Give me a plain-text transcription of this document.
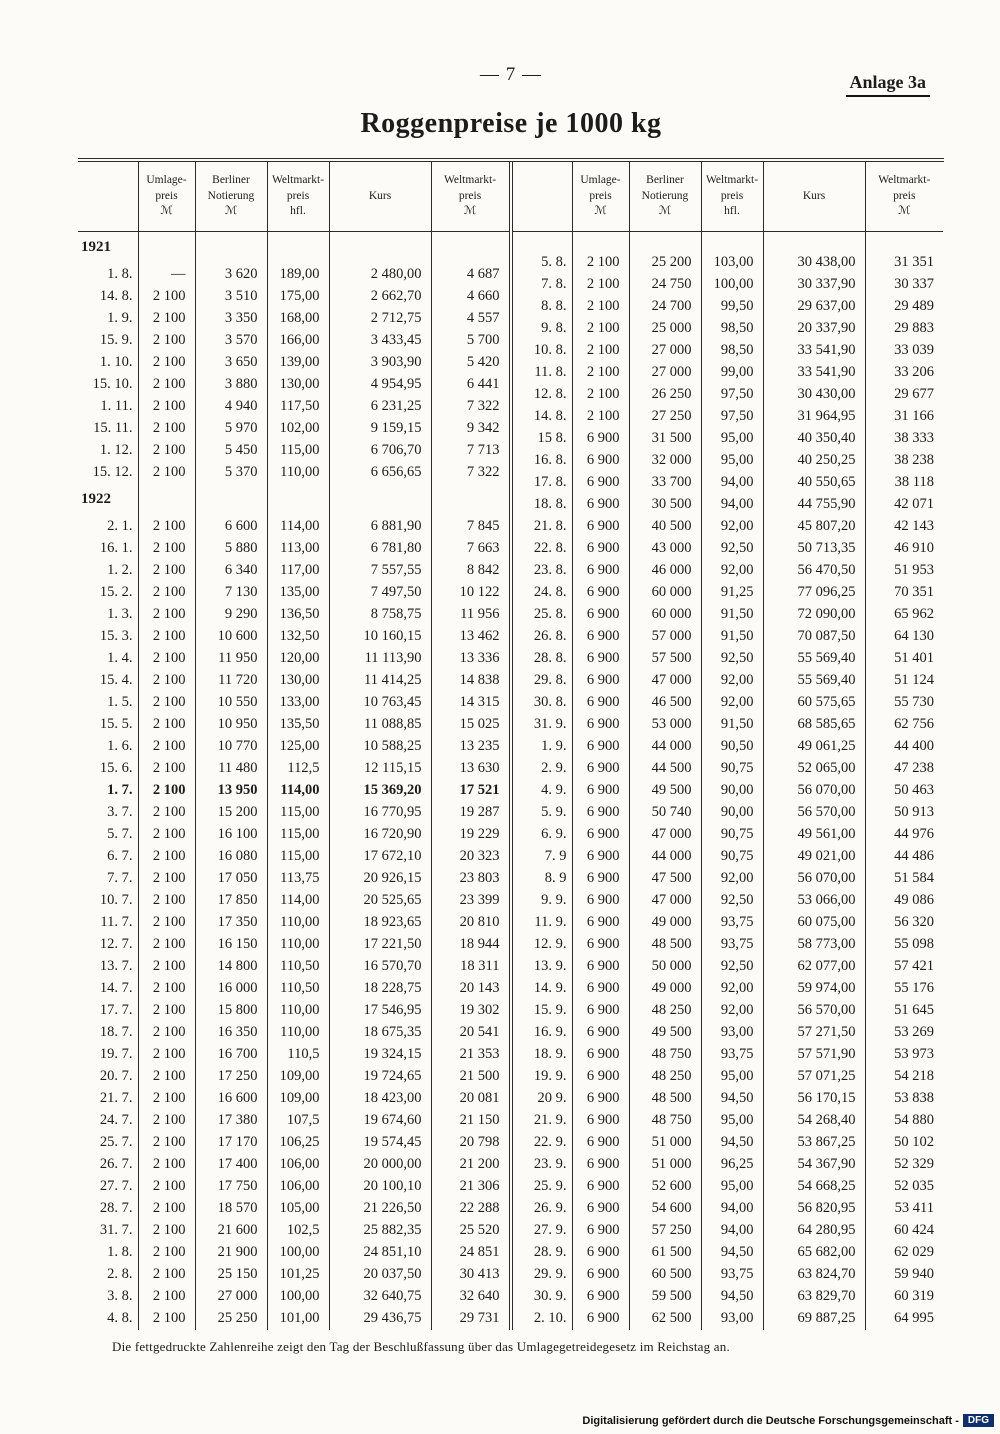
— 7 —	Anlage 3a
Roggenpreise je 1000 kg
	Umlage-
preis
ℳ	Berliner
Notierung
ℳ	Weltmarkt-
preis
hfl.	Kurs	Weltmarkt-
preis
ℳ
1921					
1. 8.	—	3 620	189,00	2 480,00	4 687
14. 8.	2 100	3 510	175,00	2 662,70	4 660
1. 9.	2 100	3 350	168,00	2 712,75	4 557
15. 9.	2 100	3 570	166,00	3 433,45	5 700
1. 10.	2 100	3 650	139,00	3 903,90	5 420
15. 10.	2 100	3 880	130,00	4 954,95	6 441
1. 11.	2 100	4 940	117,50	6 231,25	7 322
15. 11.	2 100	5 970	102,00	9 159,15	9 342
1. 12.	2 100	5 450	115,00	6 706,70	7 713
15. 12.	2 100	5 370	110,00	6 656,65	7 322
1922					
2. 1.	2 100	6 600	114,00	6 881,90	7 845
16. 1.	2 100	5 880	113,00	6 781,80	7 663
1. 2.	2 100	6 340	117,00	7 557,55	8 842
15. 2.	2 100	7 130	135,00	7 497,50	10 122
1. 3.	2 100	9 290	136,50	8 758,75	11 956
15. 3.	2 100	10 600	132,50	10 160,15	13 462
1. 4.	2 100	11 950	120,00	11 113,90	13 336
15. 4.	2 100	11 720	130,00	11 414,25	14 838
1. 5.	2 100	10 550	133,00	10 763,45	14 315
15. 5.	2 100	10 950	135,50	11 088,85	15 025
1. 6.	2 100	10 770	125,00	10 588,25	13 235
15. 6.	2 100	11 480	112,5	12 115,15	13 630
1. 7.	2 100	13 950	114,00	15 369,20	17 521
3. 7.	2 100	15 200	115,00	16 770,95	19 287
5. 7.	2 100	16 100	115,00	16 720,90	19 229
6. 7.	2 100	16 080	115,00	17 672,10	20 323
7. 7.	2 100	17 050	113,75	20 926,15	23 803
10. 7.	2 100	17 850	114,00	20 525,65	23 399
11. 7.	2 100	17 350	110,00	18 923,65	20 810
12. 7.	2 100	16 150	110,00	17 221,50	18 944
13. 7.	2 100	14 800	110,50	16 570,70	18 311
14. 7.	2 100	16 000	110,50	18 228,75	20 143
17. 7.	2 100	15 800	110,00	17 546,95	19 302
18. 7.	2 100	16 350	110,00	18 675,35	20 541
19. 7.	2 100	16 700	110,5	19 324,15	21 353
20. 7.	2 100	17 250	109,00	19 724,65	21 500
21. 7.	2 100	16 600	109,00	18 423,00	20 081
24. 7.	2 100	17 380	107,5	19 674,60	21 150
25. 7.	2 100	17 170	106,25	19 574,45	20 798
26. 7.	2 100	17 400	106,00	20 000,00	21 200
27. 7.	2 100	17 750	106,00	20 100,10	21 306
28. 7.	2 100	18 570	105,00	21 226,50	22 288
31. 7.	2 100	21 600	102,5	25 882,35	25 520
1. 8.	2 100	21 900	100,00	24 851,10	24 851
2. 8.	2 100	25 150	101,25	20 037,50	30 413
3. 8.	2 100	27 000	100,00	32 640,75	32 640
4. 8.	2 100	25 250	101,00	29 436,75	29 731
	Umlage-
preis
ℳ	Berliner
Notierung
ℳ	Weltmarkt-
preis
hfl.	Kurs	Weltmarkt-
preis
ℳ

5. 8.	2 100	25 200	103,00	30 438,00	31 351
7. 8.	2 100	24 750	100,00	30 337,90	30 337
8. 8.	2 100	24 700	99,50	29 637,00	29 489
9. 8.	2 100	25 000	98,50	20 337,90	29 883
10. 8.	2 100	27 000	98,50	33 541,90	33 039
11. 8.	2 100	27 000	99,00	33 541,90	33 206
12. 8.	2 100	26 250	97,50	30 430,00	29 677
14. 8.	2 100	27 250	97,50	31 964,95	31 166
15 8.	6 900	31 500	95,00	40 350,40	38 333
16. 8.	6 900	32 000	95,00	40 250,25	38 238
17. 8.	6 900	33 700	94,00	40 550,65	38 118
18. 8.	6 900	30 500	94,00	44 755,90	42 071
21. 8.	6 900	40 500	92,00	45 807,20	42 143
22. 8.	6 900	43 000	92,50	50 713,35	46 910
23. 8.	6 900	46 000	92,00	56 470,50	51 953
24. 8.	6 900	60 000	91,25	77 096,25	70 351
25. 8.	6 900	60 000	91,50	72 090,00	65 962
26. 8.	6 900	57 000	91,50	70 087,50	64 130
28. 8.	6 900	57 500	92,50	55 569,40	51 401
29. 8.	6 900	47 000	92,00	55 569,40	51 124
30. 8.	6 900	46 500	92,00	60 575,65	55 730
31. 9.	6 900	53 000	91,50	68 585,65	62 756
1. 9.	6 900	44 000	90,50	49 061,25	44 400
2. 9.	6 900	44 500	90,75	52 065,00	47 238
4. 9.	6 900	49 500	90,00	56 070,00	50 463
5. 9.	6 900	50 740	90,00	56 570,00	50 913
6. 9.	6 900	47 000	90,75	49 561,00	44 976
7. 9	6 900	44 000	90,75	49 021,00	44 486
8. 9	6 900	47 500	92,00	56 070,00	51 584
9. 9.	6 900	47 000	92,50	53 066,00	49 086
11. 9.	6 900	49 000	93,75	60 075,00	56 320
12. 9.	6 900	48 500	93,75	58 773,00	55 098
13. 9.	6 900	50 000	92,50	62 077,00	57 421
14. 9.	6 900	49 000	92,00	59 974,00	55 176
15. 9.	6 900	48 250	92,00	56 570,00	51 645
16. 9.	6 900	49 500	93,00	57 271,50	53 269
18. 9.	6 900	48 750	93,75	57 571,90	53 973
19. 9.	6 900	48 250	95,00	57 071,25	54 218
20 9.	6 900	48 500	94,50	56 170,15	53 838
21. 9.	6 900	48 750	95,00	54 268,40	54 880
22. 9.	6 900	51 000	94,50	53 867,25	50 102
23. 9.	6 900	51 000	96,25	54 367,90	52 329
25. 9.	6 900	52 600	95,00	54 668,25	52 035
26. 9.	6 900	54 600	94,00	56 820,95	53 411
27. 9.	6 900	57 250	94,00	64 280,95	60 424
28. 9.	6 900	61 500	94,50	65 682,00	62 029
29. 9.	6 900	60 500	93,75	63 824,70	59 940
30. 9.	6 900	59 500	94,50	63 829,70	60 319
2. 10.	6 900	62 500	93,00	69 887,25	64 995
Die fettgedruckte Zahlenreihe zeigt den Tag der Beschlußfassung über das Umlagegetreidegesetz im Reichstag an.
Digitalisierung gefördert durch die Deutsche Forschungsgemeinschaft - DFG
